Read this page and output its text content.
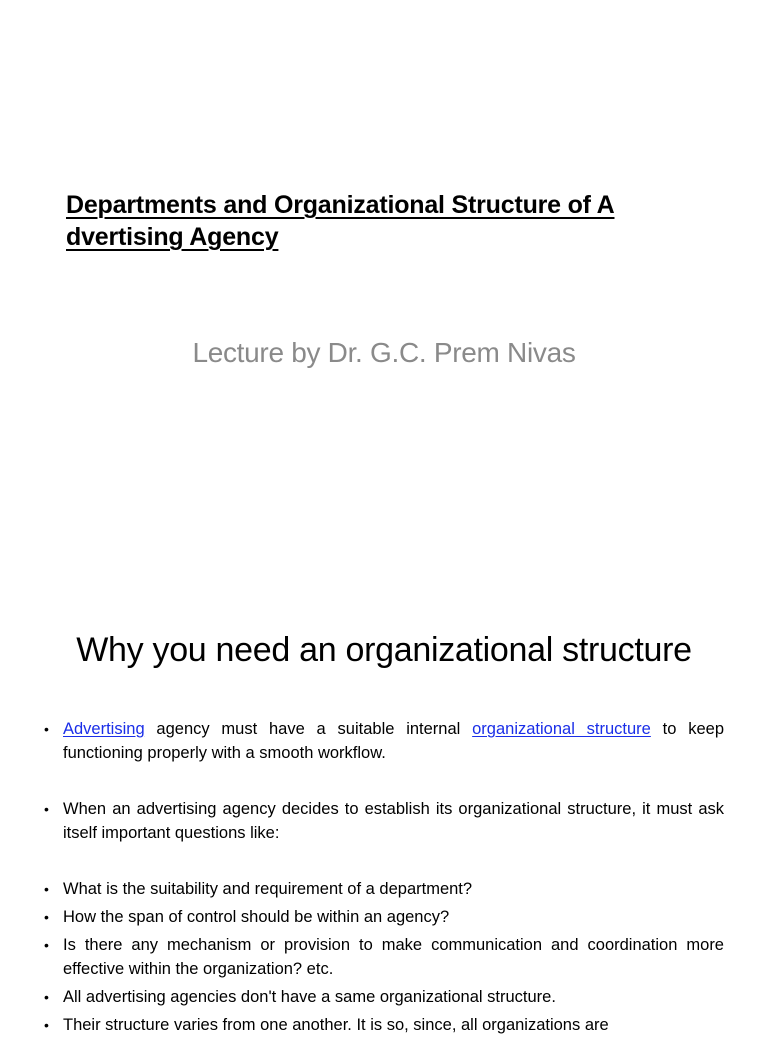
Departments and Organizational Structure of A dvertising Agency
Lecture by Dr. G.C. Prem Nivas
Why you need an organizational structure
• Advertising agency must have a suitable internal organizational structure to keep functioning properly with a smooth workflow.
• When an advertising agency decides to establish its organizational structure, it must ask itself important questions like:
• What is the suitability and requirement of a department?
• How the span of control should be within an agency?
• Is there any mechanism or provision to make communication and coordination more effective within the organization? etc.
• All advertising agencies don't have a same organizational structure.
• Their structure varies from one another. It is so, since, all organizations are
